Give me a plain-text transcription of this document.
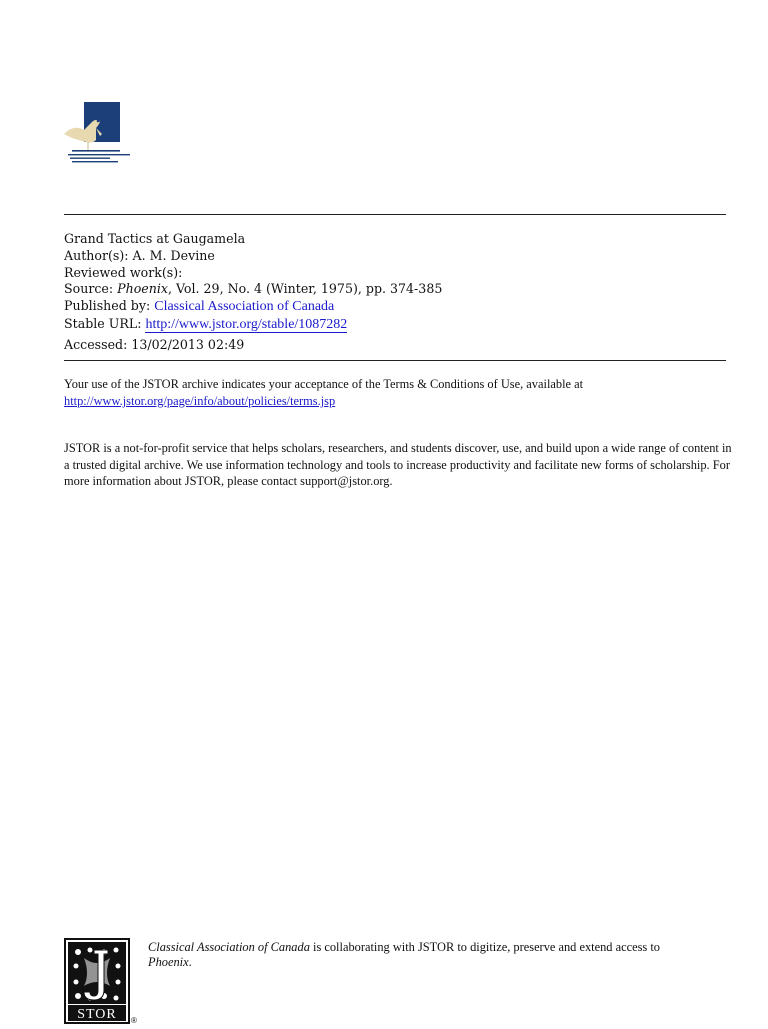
Grand Tactics at Gaugamela
Author(s): A. M. Devine
Reviewed work(s):
Source: Phoenix, Vol. 29, No. 4 (Winter, 1975), pp. 374-385
Published by: Classical Association of Canada
Stable URL: http://www.jstor.org/stable/1087282
Accessed: 13/02/2013 02:49
Your use of the JSTOR archive indicates your acceptance of the Terms & Conditions of Use, available at
http://www.jstor.org/page/info/about/policies/terms.jsp
JSTOR is a not-for-profit service that helps scholars, researchers, and students discover, use, and build upon a wide range of content in a trusted digital archive. We use information technology and tools to increase productivity and facilitate new forms of scholarship. For more information about JSTOR, please contact support@jstor.org.
STOR ®
Classical Association of Canada is collaborating with JSTOR to digitize, preserve and extend access to
Phoenix.
